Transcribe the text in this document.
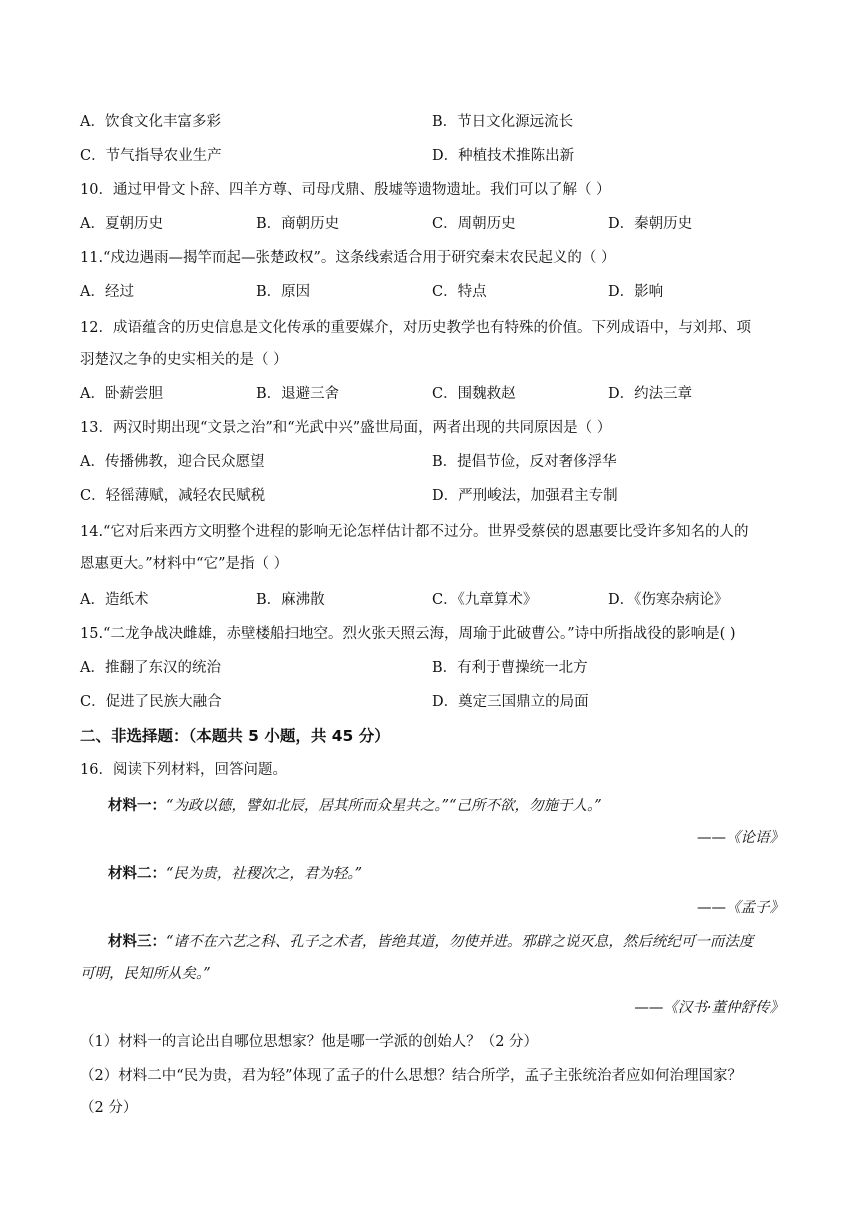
A．饮食文化丰富多彩	B．节日文化源远流长
C．节气指导农业生产	D．种植技术推陈出新
10．通过甲骨文卜辞、四羊方尊、司母戊鼎、殷墟等遗物遗址。我们可以了解（ ）
A．夏朝历史	B．商朝历史	C．周朝历史	D．秦朝历史
11.“戍边遇雨—揭竿而起—张楚政权”。这条线索适合用于研究秦末农民起义的（ ）
A．经过	B．原因	C．特点	D．影响
12．成语蕴含的历史信息是文化传承的重要媒介，对历史教学也有特殊的价值。下列成语中，与刘邦、项
羽楚汉之争的史实相关的是（ ）
A．卧薪尝胆	B．退避三舍	C．围魏救赵	D．约法三章
13．两汉时期出现“文景之治”和“光武中兴”盛世局面，两者出现的共同原因是（ ）
A．传播佛教，迎合民众愿望	B．提倡节俭，反对奢侈浮华
C．轻徭薄赋，减轻农民赋税	D．严刑峻法，加强君主专制
14.“它对后来西方文明整个进程的影响无论怎样估计都不过分。世界受蔡侯的恩惠要比受许多知名的人的
恩惠更大。”材料中“它”是指（ ）
A．造纸术	B．麻沸散	C．《九章算术》	D．《伤寒杂病论》
15.“二龙争战决雌雄，赤壁楼船扫地空。烈火张天照云海，周瑜于此破曹公。”诗中所指战役的影响是( )
A．推翻了东汉的统治	B．有利于曹操统一北方
C．促进了民族大融合	D．奠定三国鼎立的局面
二、非选择题：（本题共 5 小题，共 45 分）
16．阅读下列材料，回答问题。
材料一：“为政以德，譬如北辰，居其所而众星共之。”“己所不欲，勿施于人。”
——《论语》
材料二：“民为贵，社稷次之，君为轻。”
——《孟子》
材料三：“诸不在六艺之科、孔子之术者，皆绝其道，勿使并进。邪辟之说灭息，然后统纪可一而法度
可明，民知所从矣。”
——《汉书·董仲舒传》
（1）材料一的言论出自哪位思想家？他是哪一学派的创始人？（2 分）
（2）材料二中“民为贵，君为轻”体现了孟子的什么思想？结合所学，孟子主张统治者应如何治理国家？
（2 分）
